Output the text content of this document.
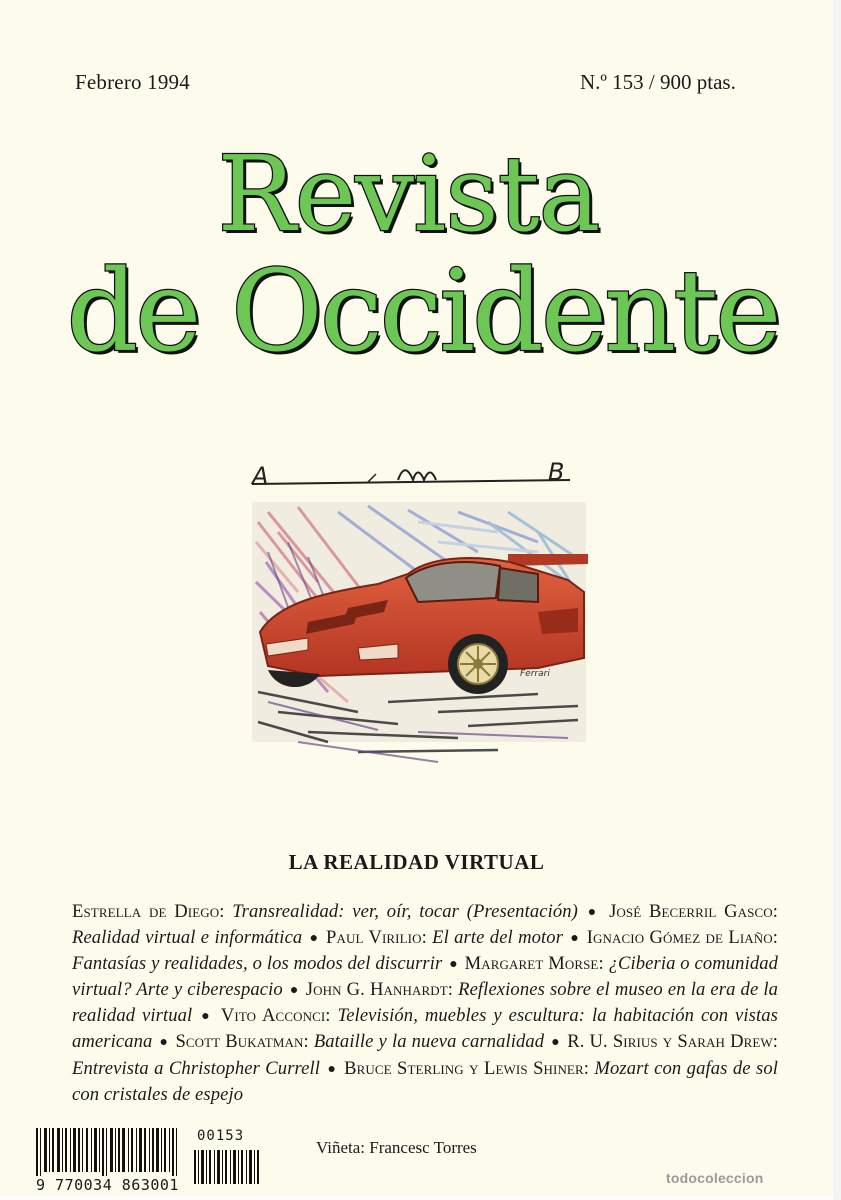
Febrero 1994	N.º 153 / 900 ptas.
Revista
de Occidente
A	B
Ferrari
LA REALIDAD VIRTUAL
Estrella de Diego: Transrealidad: ver, oír, tocar (Presentación) ● José Becerril Gasco: Realidad virtual e informática ● Paul Virilio: El arte del motor ● Ignacio Gómez de Liaño: Fantasías y realidades, o los modos del discurrir ● Margaret Morse: ¿Ciberia o comunidad virtual? Arte y ciberespacio ● John G. Hanhardt: Reflexiones sobre el museo en la era de la realidad virtual ● Vito Acconci: Televisión, muebles y escultura: la habitación con vistas americana ● Scott Bukatman: Bataille y la nueva carnalidad ● R. U. Sirius y Sarah Drew: Entrevista a Christopher Currell ● Bruce Sterling y Lewis Shiner: Mozart con gafas de sol con cristales de espejo
00153
9 770034 863001
Viñeta: Francesc Torres
todocoleccion
